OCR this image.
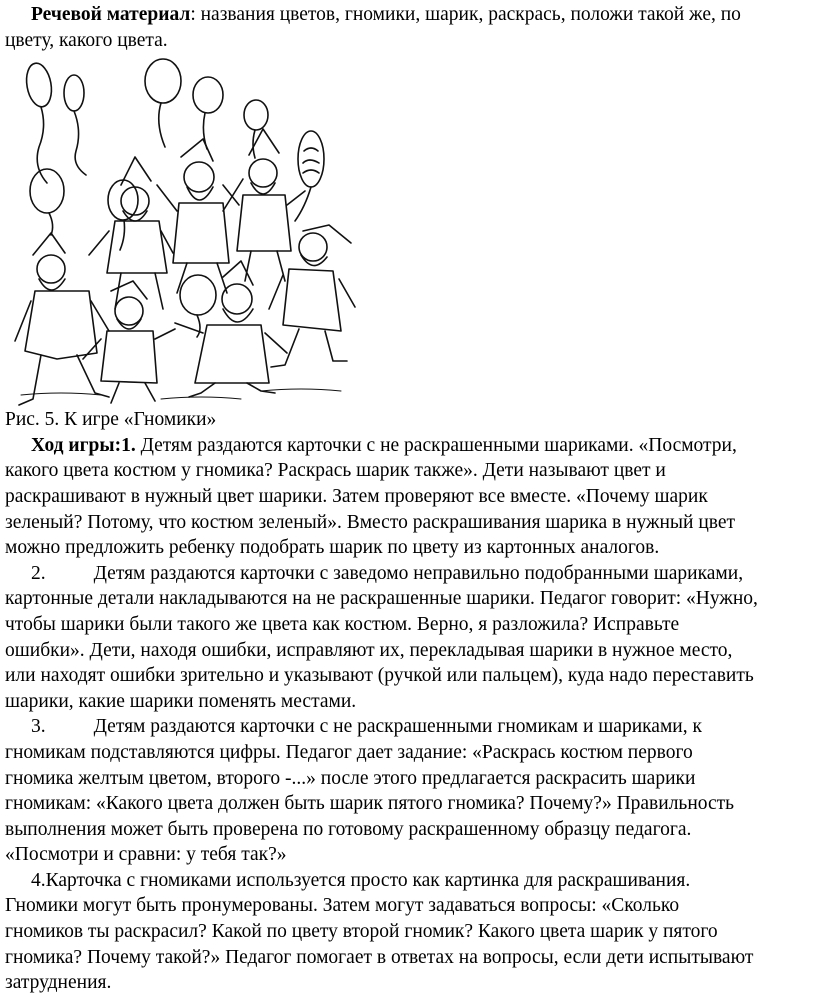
Речевой материал: названия цветов, гномики, шарик, раскрась, положи такой же, по

цвету, какого цвета.

Рис. 5. К игре «Гномики»

Ход игры:1. Детям раздаются карточки с не раскрашенными шариками. «Посмотри,

какого цвета костюм у гномика? Раскрась шарик также». Дети называют цвет и

раскрашивают в нужный цвет шарики. Затем проверяют все вместе. «Почему шарик

зеленый? Потому, что костюм зеленый». Вместо раскрашивания шарика в нужный цвет

можно предложить ребенку подобрать шарик по цвету из картонных аналогов.

2. Детям раздаются карточки с заведомо неправильно подобранными шариками,

картонные детали накладываются на не раскрашенные шарики. Педагог говорит: «Нужно,

чтобы шарики были такого же цвета как костюм. Верно, я разложила? Исправьте

ошибки». Дети, находя ошибки, исправляют их, перекладывая шарики в нужное место,

или находят ошибки зрительно и указывают (ручкой или пальцем), куда надо переставить

шарики, какие шарики поменять местами.

3. Детям раздаются карточки с не раскрашенными гномикам и шариками, к

гномикам подставляются цифры. Педагог дает задание: «Раскрась костюм первого

гномика желтым цветом, второго -...» после этого предлагается раскрасить шарики

гномикам: «Какого цвета должен быть шарик пятого гномика? Почему?» Правильность

выполнения может быть проверена по готовому раскрашенному образцу педагога.

«Посмотри и сравни: у тебя так?»

4.Карточка с гномиками используется просто как картинка для раскрашивания.

Гномики могут быть пронумерованы. Затем могут задаваться вопросы: «Сколько

гномиков ты раскрасил? Какой по цвету второй гномик? Какого цвета шарик у пятого

гномика? Почему такой?» Педагог помогает в ответах на вопросы, если дети испытывают

затруднения.
